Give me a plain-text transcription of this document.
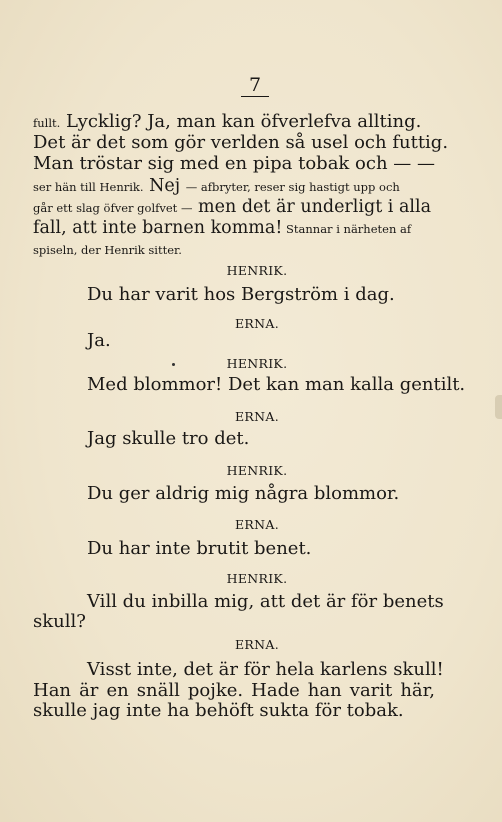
7
fullt. Lycklig? Ja, man kan öfverlefva allting.
Det är det som gör verlden så usel och futtig.
Man tröstar sig med en pipa tobak och — —
ser hän till Henrik. Nej — afbryter, reser sig hastigt upp och
går ett slag öfver golfvet — men det är underligt i alla
fall, att inte barnen komma! Stannar i närheten af
spiseln, der Henrik sitter.
HENRIK.
Du har varit hos Bergström i dag.
ERNA.
Ja.
HENRIK.
Med blommor! Det kan man kalla gentilt.
ERNA.
Jag skulle tro det.
HENRIK.
Du ger aldrig mig några blommor.
ERNA.
Du har inte brutit benet.
HENRIK.
Vill du inbilla mig, att det är för benets
skull?
ERNA.
Visst inte, det är för hela karlens skull!
Han är en snäll pojke. Hade han varit här,
skulle jag inte ha behöft sukta för tobak.
